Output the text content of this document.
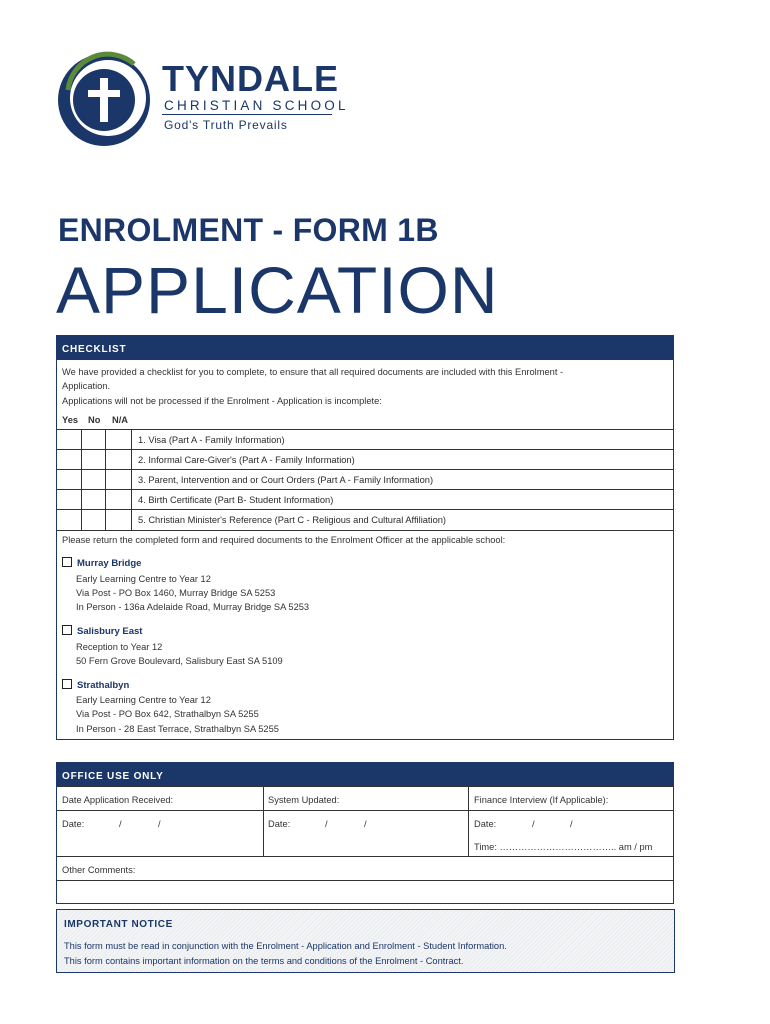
TYNDALE
CHRISTIAN SCHOOL
God's Truth Prevails
ENROLMENT - FORM 1B
APPLICATION
CHECKLIST
We have provided a checklist for you to complete, to ensure that all required documents are included with this Enrolment -
Application.
Applications will not be processed if the Enrolment - Application is incomplete:
Yes No N/A
1. Visa (Part A - Family Information)
2. Informal Care-Giver's (Part A - Family Information)
3. Parent, Intervention and or Court Orders (Part A - Family Information)
4. Birth Certificate (Part B- Student Information)
5. Christian Minister's Reference (Part C - Religious and Cultural Affiliation)
Please return the completed form and required documents to the Enrolment Officer at the applicable school:
Murray Bridge
Early Learning Centre to Year 12
Via Post - PO Box 1460, Murray Bridge SA 5253
In Person - 136a Adelaide Road, Murray Bridge SA 5253
Salisbury East
Reception to Year 12
50 Fern Grove Boulevard, Salisbury East SA 5109
Strathalbyn
Early Learning Centre to Year 12
Via Post - PO Box 642, Strathalbyn SA 5255
In Person - 28 East Terrace, Strathalbyn SA 5255
OFFICE USE ONLY
Date Application Received:	System Updated:	Finance Interview (If Applicable):
Date:	/	/	Date:	/	/	Date:	/	/
Time: ……………………………….. am / pm
Other Comments:
IMPORTANT NOTICE
This form must be read in conjunction with the Enrolment - Application and Enrolment - Student Information.
This form contains important information on the terms and conditions of the Enrolment - Contract.
